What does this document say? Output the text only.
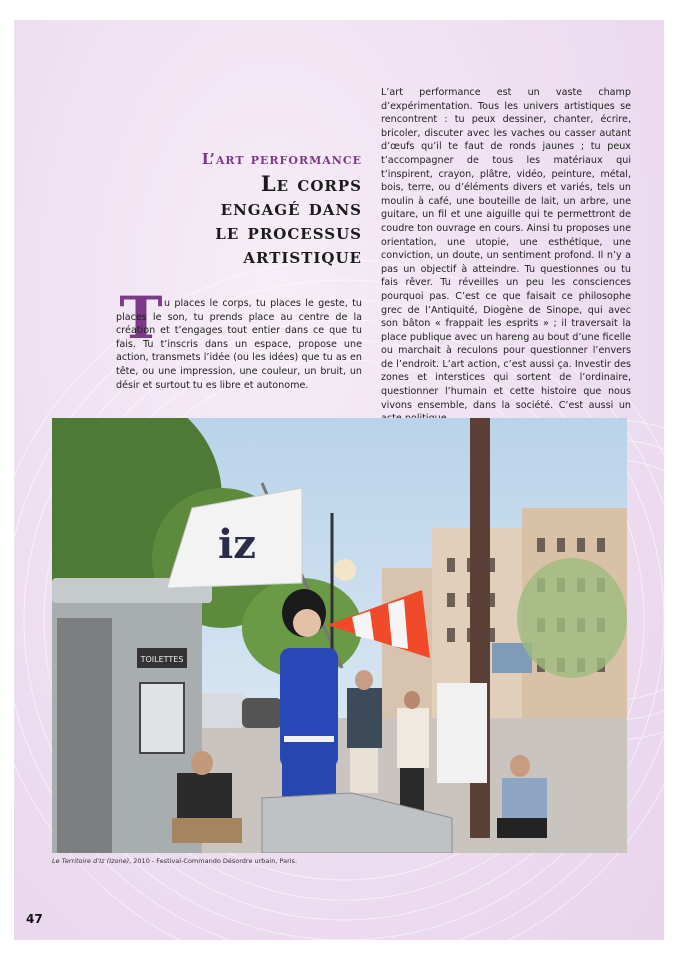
L’art performance
Le corps
engagé dans
le processus
artistique
T u places le corps, tu places le geste, tu places le son, tu prends place au centre de la création et t’engages tout entier dans ce que tu fais. Tu t’inscris dans un espace, propose une action, transmets l’idée (ou les idées) que tu as en tête, ou une impression, une couleur, un bruit, un désir et surtout tu es libre et autonome.

L’art performance est un vaste champ d’expérimentation. Tous les univers artistiques se rencontrent : tu peux dessiner, chanter, écrire, bricoler, discuter avec les vaches ou casser autant d’œufs qu’il te faut de ronds jaunes ; tu peux t’accompagner de tous les matériaux qui t’inspirent, crayon, plâtre, vidéo, peinture, métal, bois, terre, ou d’éléments divers et variés, tels un moulin à café, une bouteille de lait, un arbre, une guitare, un fil et une aiguille qui te permettront de coudre ton ouvrage en cours. Ainsi tu proposes une orientation, une utopie, une esthétique, une conviction, un doute, un sentiment profond. Il n’y a pas un objectif à atteindre. Tu questionnes ou tu fais rêver. Tu réveilles un peu les consciences pourquoi pas. C’est ce que faisait ce philosophe grec de l’Antiquité, Diogène de Sinope, qui avec son bâton « frappait les esprits » ; il traversait la place publique avec un hareng au bout d’une ficelle ou marchait à reculons pour questionner l’envers de l’endroit. L’art action, c’est aussi ça. Investir des zones et interstices qui sortent de l’ordinaire, questionner l’humain et cette histoire que nous vivons ensemble, dans la société. C’est aussi un

TOILETTES
iz
Le Territoire d’Iz (Izone), 2010 - Festival-Commando Désordre urbain, Paris.
47
